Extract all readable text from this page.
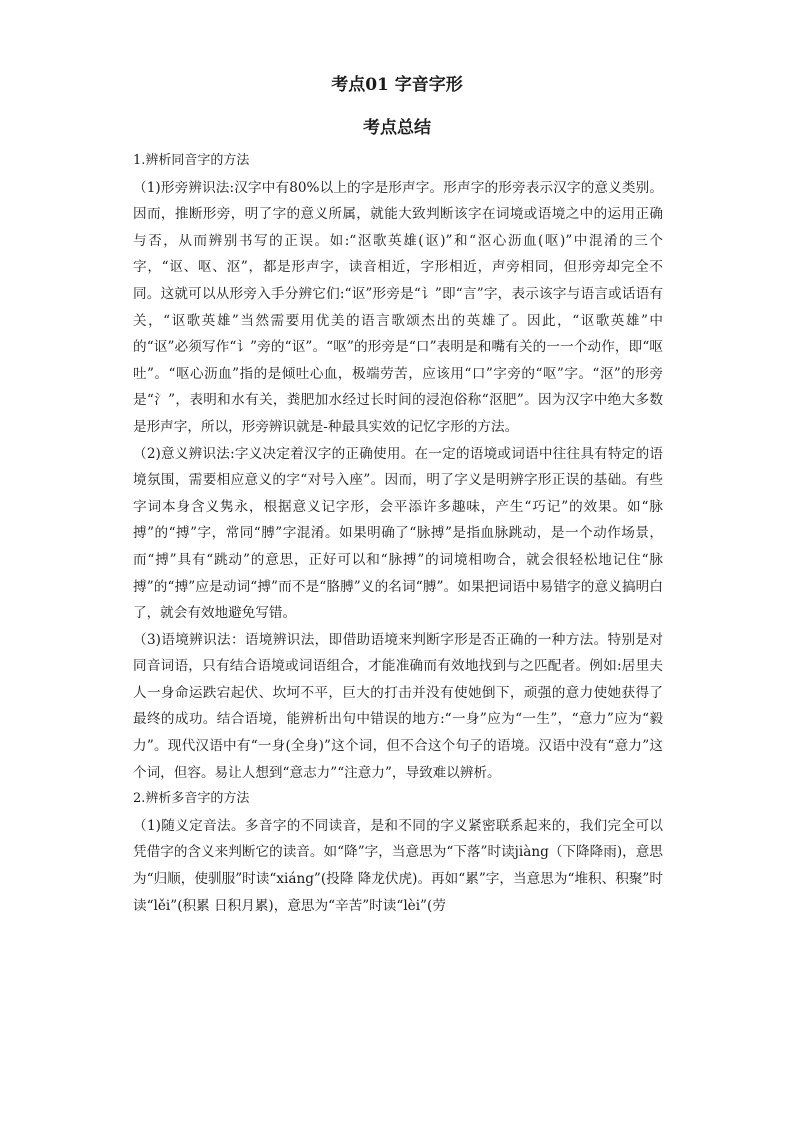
考点01 字音字形
考点总结

1.辨析同音字的方法

（1)形旁辨识法:汉字中有80%以上的字是形声字。形声字的形旁表示汉字的意义类别。因而，推断形旁，明了字的意义所属，就能大致判断该字在词境或语境之中的运用正确与否，从而辨别书写的正误。如:“沤歌英雄(讴)”和“沤心沥血(呕)”中混淆的三个字，“讴、呕、沤”，都是形声字，读音相近，字形相近，声旁相同，但形旁却完全不同。这就可以从形旁入手分辨它们:“讴”形旁是“讠”即“言”字，表示该字与语言或话语有关，“讴歌英雄”当然需要用优美的语言歌颂杰出的英雄了。因此，“讴歌英雄”中的“讴”必须写作“讠”旁的“讴”。“呕”的形旁是“口”表明是和嘴有关的一一个动作，即“呕吐”。“呕心沥血”指的是倾吐心血，极端劳苦，应该用“口”字旁的“呕”字。“沤”的形旁是“氵”，表明和水有关，粪肥加水经过长时间的浸泡俗称“沤肥”。因为汉字中绝大多数是形声字，所以，形旁辨识就是-种最具实效的记忆字形的方法。

（2)意义辨识法:字义决定着汉字的正确使用。在一定的语境或词语中往往具有特定的语境氛围，需要相应意义的字“对号入座”。因而，明了字义是明辨字形正误的基础。有些字词本身含义隽永，根据意义记字形，会平添许多趣味，产生“巧记”的效果。如“脉搏”的“搏”字，常同“膊”字混淆。如果明确了“脉搏”是指血脉跳动，是一个动作场景，而“搏”具有“跳动”的意思，正好可以和“脉搏”的词境相吻合，就会很轻松地记住“脉搏”的“搏”应是动词“搏”而不是“胳膊”义的名词“膊”。如果把词语中易错字的意义搞明白了，就会有效地避免写错。

（3)语境辨识法：语境辨识法，即借助语境来判断字形是否正确的一种方法。特别是对同音词语，只有结合语境或词语组合，才能准确而有效地找到与之匹配者。例如:居里夫人一身命运跌宕起伏、坎坷不平，巨大的打击并没有使她倒下，顽强的意力使她获得了最终的成功。结合语境，能辨析出句中错误的地方:“一身”应为“一生”，“意力”应为“毅力”。现代汉语中有“一身(全身)”这个词，但不合这个句子的语境。汉语中没有“意力”这个词，但容。易让人想到“意志力”“注意力”，导致难以辨析。

2.辨析多音字的方法

（1)随义定音法。多音字的不同读音，是和不同的字义紧密联系起来的，我们完全可以凭借字的含义来判断它的读音。如“降”字，当意思为“下落”时读jiàng（下降降雨)，意思为“归顺，使驯服”时读“xiáng”(投降 降龙伏虎)。再如“累”字，当意思为“堆积、积聚”时读“lěi”(积累 日积月累)，意思为“辛苦”时读“lèi”(劳
